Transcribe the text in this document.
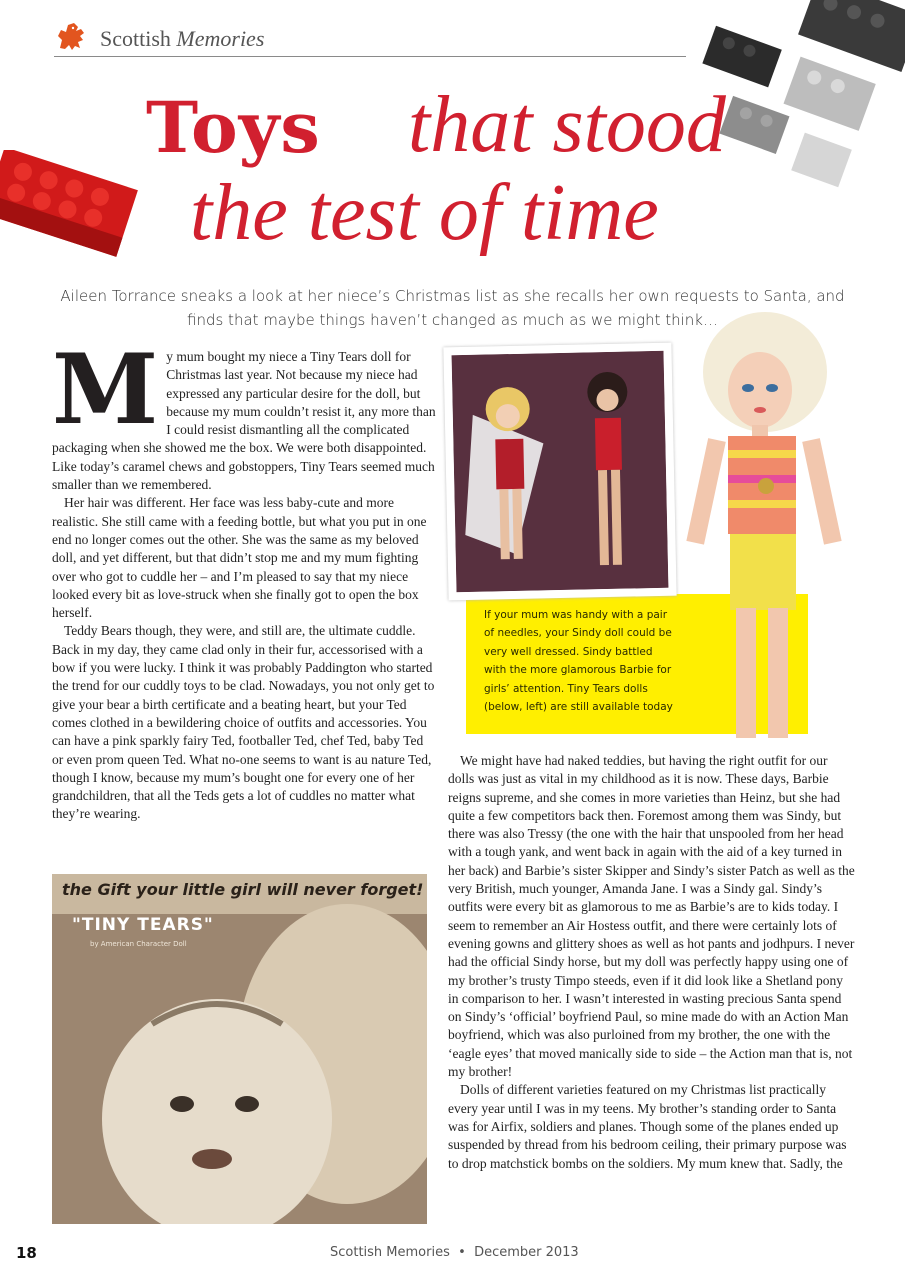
Scottish Memories
Toys that stood
the test of time
Aileen Torrance sneaks a look at her niece’s Christmas list as she recalls her own requests to Santa, and finds that maybe things haven’t changed as much as we might think…
M y mum bought my niece a Tiny Tears doll for Christmas last year. Not because my niece had expressed any particular desire for the doll, but because my mum couldn’t resist it, any more than I could resist dismantling all the complicated packaging when she showed me the box. We were both disappointed. Like today’s caramel chews and gobstoppers, Tiny Tears seemed much smaller than we remembered.

Her hair was different. Her face was less baby-cute and more realistic. She still came with a feeding bottle, but what you put in one end no longer comes out the other. She was the same as my beloved doll, and yet different, but that didn’t stop me and my mum fighting over who got to cuddle her – and I’m pleased to say that my niece looked every bit as love-struck when she finally got to open the box herself.

Teddy Bears though, they were, and still are, the ultimate cuddle. Back in my day, they came clad only in their fur, accessorised with a bow if you were lucky. I think it was probably Paddington who started the trend for our cuddly toys to be clad. Nowadays, you not only get to give your bear a birth certificate and a beating heart, but your Ted comes clothed in a bewildering choice of outfits and accessories. You can have a pink sparkly fairy Ted, footballer Ted, chef Ted, baby Ted or even prom queen Ted. What no-one seems to want is au nature Ted, though I know, because my mum’s bought one for every one of her grandchildren, that all the Teds gets a lot of cuddles no matter what they’re wearing.

If your mum was handy with a pair of needles, your Sindy doll could be very well dressed. Sindy battled with the more glamorous Barbie for girls’ attention. Tiny Tears dolls (below, left) are still available today

We might have had naked teddies, but having the right outfit for our dolls was just as vital in my childhood as it is now. These days, Barbie reigns supreme, and she comes in more varieties than Heinz, but she had quite a few competitors back then. Foremost among them was Sindy, but there was also Tressy (the one with the hair that unspooled from her head with a tough yank, and went back in again with the aid of a key turned in her back) and Barbie’s sister Skipper and Sindy’s sister Patch as well as the very British, much younger, Amanda Jane. I was a Sindy gal. Sindy’s outfits were every bit as glamorous to me as Barbie’s are to kids today. I seem to remember an Air Hostess outfit, and there were certainly lots of evening gowns and glittery shoes as well as hot pants and jodhpurs. I never had the official Sindy horse, but my doll was perfectly happy using one of my brother’s trusty Timpo steeds, even if it did look like a Shetland pony in comparison to her. I wasn’t interested in wasting precious Santa spend on Sindy’s ‘official’ boyfriend Paul, so mine made do with an Action Man boyfriend, which was also purloined from my brother, the one with the ‘eagle eyes’ that moved manically side to side – the Action man that is, not my brother!

Dolls of different varieties featured on my Christmas list practically every year until I was in my teens. My brother’s standing order to Santa was for Airfix, soldiers and planes. Though some of the planes ended up suspended by thread from his bedroom ceiling, their primary purpose was to drop matchstick bombs on the soldiers. My mum knew that. Sadly, the

the Gift your little girl will never forget!
"TINY TEARS"
by American Character Doll
18	Scottish Memories • December 2013
